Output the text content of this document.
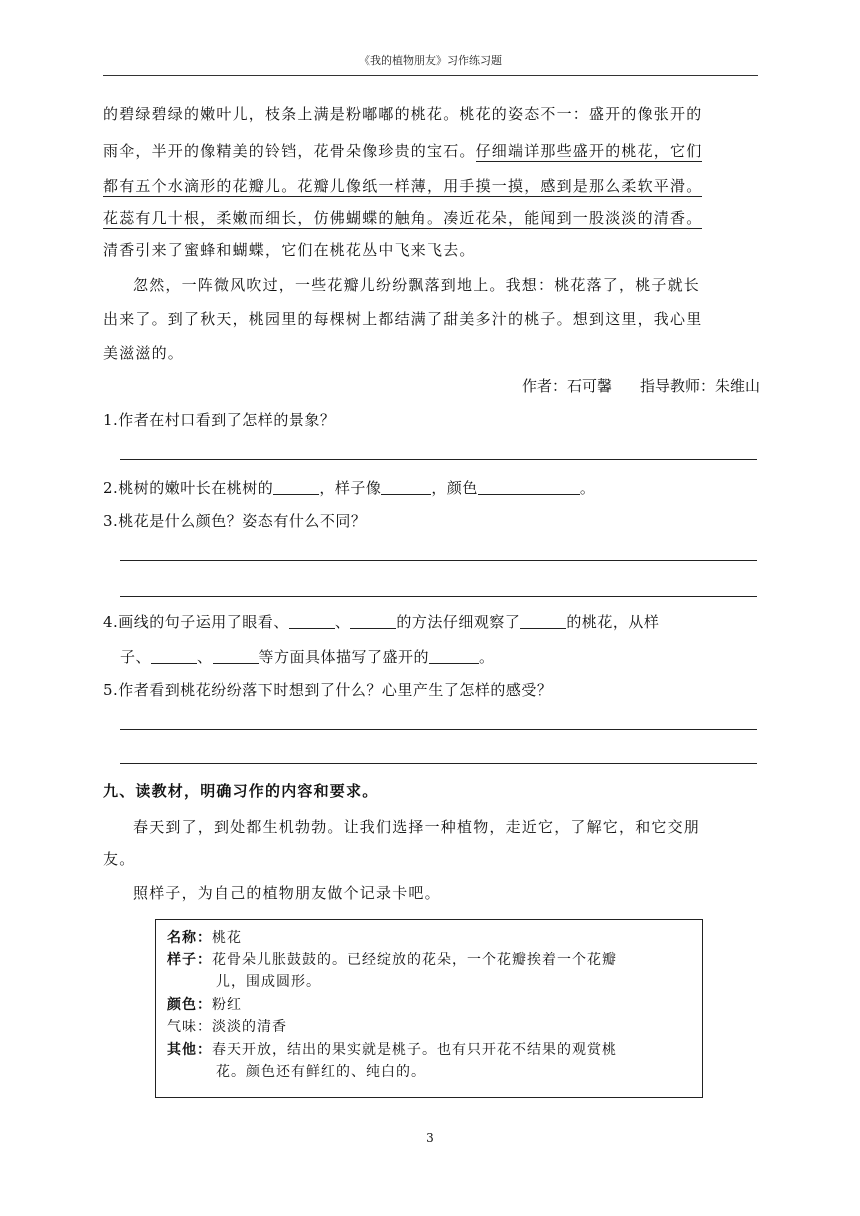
《我的植物朋友》习作练习题
的碧绿碧绿的嫩叶儿，枝条上满是粉嘟嘟的桃花。桃花的姿态不一：盛开的像张开的
雨伞，半开的像精美的铃铛，花骨朵像珍贵的宝石。仔细端详那些盛开的桃花，它们
都有五个水滴形的花瓣儿。花瓣儿像纸一样薄，用手摸一摸，感到是那么柔软平滑。
花蕊有几十根，柔嫩而细长，仿佛蝴蝶的触角。凑近花朵，能闻到一股淡淡的清香。
清香引来了蜜蜂和蝴蝶，它们在桃花丛中飞来飞去。
忽然，一阵微风吹过，一些花瓣儿纷纷飘落到地上。我想：桃花落了，桃子就长
出来了。到了秋天，桃园里的每棵树上都结满了甜美多汁的桃子。想到这里，我心里
美滋滋的。
作者：石可馨 指导教师：朱维山
1.作者在村口看到了怎样的景象？
2.桃树的嫩叶长在桃树的	，样子像	，颜色	。
3.桃花是什么颜色？姿态有什么不同？
4.画线的句子运用了眼看、	、	的方法仔细观察了	的桃花，从样
子、	、	等方面具体描写了盛开的	。
5.作者看到桃花纷纷落下时想到了什么？心里产生了怎样的感受？
九、读教材，明确习作的内容和要求。
春天到了，到处都生机勃勃。让我们选择一种植物，走近它，了解它，和它交朋
友。
照样子，为自己的植物朋友做个记录卡吧。
名称：桃花
样子：花骨朵儿胀鼓鼓的。已经绽放的花朵，一个花瓣挨着一个花瓣
儿，围成圆形。
颜色：粉红
气味：淡淡的清香
其他：春天开放，结出的果实就是桃子。也有只开花不结果的观赏桃
花。颜色还有鲜红的、纯白的。
3
